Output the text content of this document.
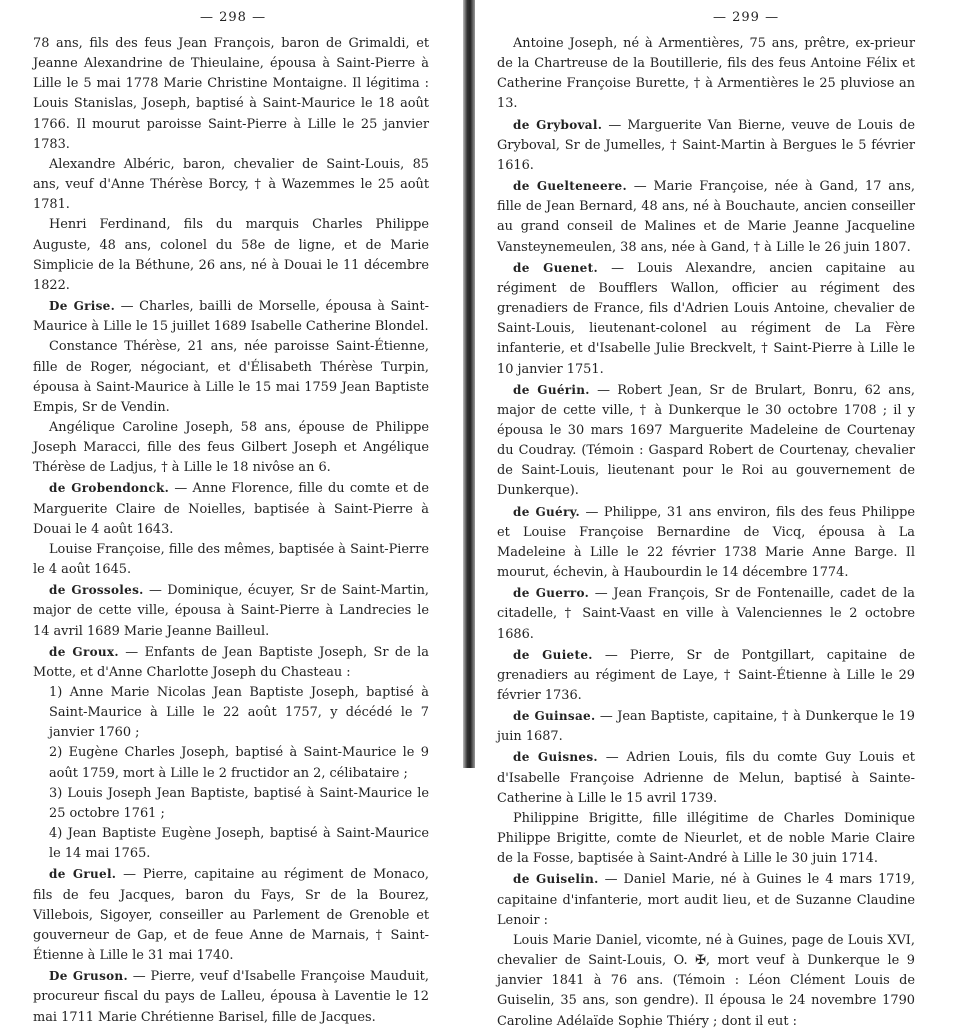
— 298 —

78 ans, fils des feus Jean François, baron de Grimaldi, et Jeanne Alexandrine de Thieulaine, épousa à Saint-Pierre à Lille le 5 mai 1778 Marie Christine Montaigne. Il légitima : Louis Stanislas, Joseph, baptisé à Saint-Maurice le 18 août 1766. Il mourut paroisse Saint-Pierre à Lille le 25 janvier 1783.

Alexandre Albéric, baron, chevalier de Saint-Louis, 85 ans, veuf d'Anne Thérèse Borcy, † à Wazemmes le 25 août 1781.

Henri Ferdinand, fils du marquis Charles Philippe Auguste, 48 ans, colonel du 58e de ligne, et de Marie Simplicie de la Béthune, 26 ans, né à Douai le 11 décembre 1822.

De Grise. — Charles, bailli de Morselle, épousa à Saint-Maurice à Lille le 15 juillet 1689 Isabelle Catherine Blondel.

Constance Thérèse, 21 ans, née paroisse Saint-Étienne, fille de Roger, négociant, et d'Élisabeth Thérèse Turpin, épousa à Saint-Maurice à Lille le 15 mai 1759 Jean Baptiste Empis, Sr de Vendin.

Angélique Caroline Joseph, 58 ans, épouse de Philippe Joseph Maracci, fille des feus Gilbert Joseph et Angélique Thérèse de Ladjus, † à Lille le 18 nivôse an 6.

de Grobendonck. — Anne Florence, fille du comte et de Marguerite Claire de Noielles, baptisée à Saint-Pierre à Douai le 4 août 1643.

Louise Françoise, fille des mêmes, baptisée à Saint-Pierre le 4 août 1645.

de Grossoles. — Dominique, écuyer, Sr de Saint-Martin, major de cette ville, épousa à Saint-Pierre à Landrecies le 14 avril 1689 Marie Jeanne Bailleul.

de Groux. — Enfants de Jean Baptiste Joseph, Sr de la Motte, et d'Anne Charlotte Joseph du Chasteau :

1) Anne Marie Nicolas Jean Baptiste Joseph, baptisé à Saint-Maurice à Lille le 22 août 1757, y décédé le 7 janvier 1760 ;

2) Eugène Charles Joseph, baptisé à Saint-Maurice le 9 août 1759, mort à Lille le 2 fructidor an 2, célibataire ;

3) Louis Joseph Jean Baptiste, baptisé à Saint-Maurice le 25 octobre 1761 ;

4) Jean Baptiste Eugène Joseph, baptisé à Saint-Maurice le 14 mai 1765.

de Gruel. — Pierre, capitaine au régiment de Monaco, fils de feu Jacques, baron du Fays, Sr de la Bourez, Villebois, Sigoyer, conseiller au Parlement de Grenoble et gouverneur de Gap, et de feue Anne de Marnais, † Saint-Étienne à Lille le 31 mai 1740.

De Gruson. — Pierre, veuf d'Isabelle Françoise Mauduit, procureur fiscal du pays de Lalleu, épousa à Laventie le 12 mai 1711 Marie Chrétienne Barisel, fille de Jacques.

— 299 —

Antoine Joseph, né à Armentières, 75 ans, prêtre, ex-prieur de la Chartreuse de la Boutillerie, fils des feus Antoine Félix et Catherine Françoise Burette, † à Armentières le 25 pluviose an 13.

de Gryboval. — Marguerite Van Bierne, veuve de Louis de Gryboval, Sr de Jumelles, † Saint-Martin à Bergues le 5 février 1616.

de Guelteneere. — Marie Françoise, née à Gand, 17 ans, fille de Jean Bernard, 48 ans, né à Bouchaute, ancien conseiller au grand conseil de Malines et de Marie Jeanne Jacqueline Vansteynemeulen, 38 ans, née à Gand, † à Lille le 26 juin 1807.

de Guenet. — Louis Alexandre, ancien capitaine au régiment de Boufflers Wallon, officier au régiment des grenadiers de France, fils d'Adrien Louis Antoine, chevalier de Saint-Louis, lieutenant-colonel au régiment de La Fère infanterie, et d'Isabelle Julie Breckvelt, † Saint-Pierre à Lille le 10 janvier 1751.

de Guérin. — Robert Jean, Sr de Brulart, Bonru, 62 ans, major de cette ville, † à Dunkerque le 30 octobre 1708 ; il y épousa le 30 mars 1697 Marguerite Madeleine de Courtenay du Coudray. (Témoin : Gaspard Robert de Courtenay, chevalier de Saint-Louis, lieutenant pour le Roi au gouvernement de Dunkerque).

de Guéry. — Philippe, 31 ans environ, fils des feus Philippe et Louise Françoise Bernardine de Vicq, épousa à La Madeleine à Lille le 22 février 1738 Marie Anne Barge. Il mourut, échevin, à Haubourdin le 14 décembre 1774.

de Guerro. — Jean François, Sr de Fontenaille, cadet de la citadelle, † Saint-Vaast en ville à Valenciennes le 2 octobre 1686.

de Guiete. — Pierre, Sr de Pontgillart, capitaine de grenadiers au régiment de Laye, † Saint-Étienne à Lille le 29 février 1736.

de Guinsae. — Jean Baptiste, capitaine, † à Dunkerque le 19 juin 1687.

de Guisnes. — Adrien Louis, fils du comte Guy Louis et d'Isabelle Françoise Adrienne de Melun, baptisé à Sainte-Catherine à Lille le 15 avril 1739.

Philippine Brigitte, fille illégitime de Charles Dominique Philippe Brigitte, comte de Nieurlet, et de noble Marie Claire de la Fosse, baptisée à Saint-André à Lille le 30 juin 1714.

de Guiselin. — Daniel Marie, né à Guines le 4 mars 1719, capitaine d'infanterie, mort audit lieu, et de Suzanne Claudine Lenoir :

Louis Marie Daniel, vicomte, né à Guines, page de Louis XVI, chevalier de Saint-Louis, O. ✠, mort veuf à Dunkerque le 9 janvier 1841 à 76 ans. (Témoin : Léon Clément Louis de Guiselin, 35 ans, son gendre). Il épousa le 24 novembre 1790 Caroline Adélaïde Sophie Thiéry ; dont il eut :
